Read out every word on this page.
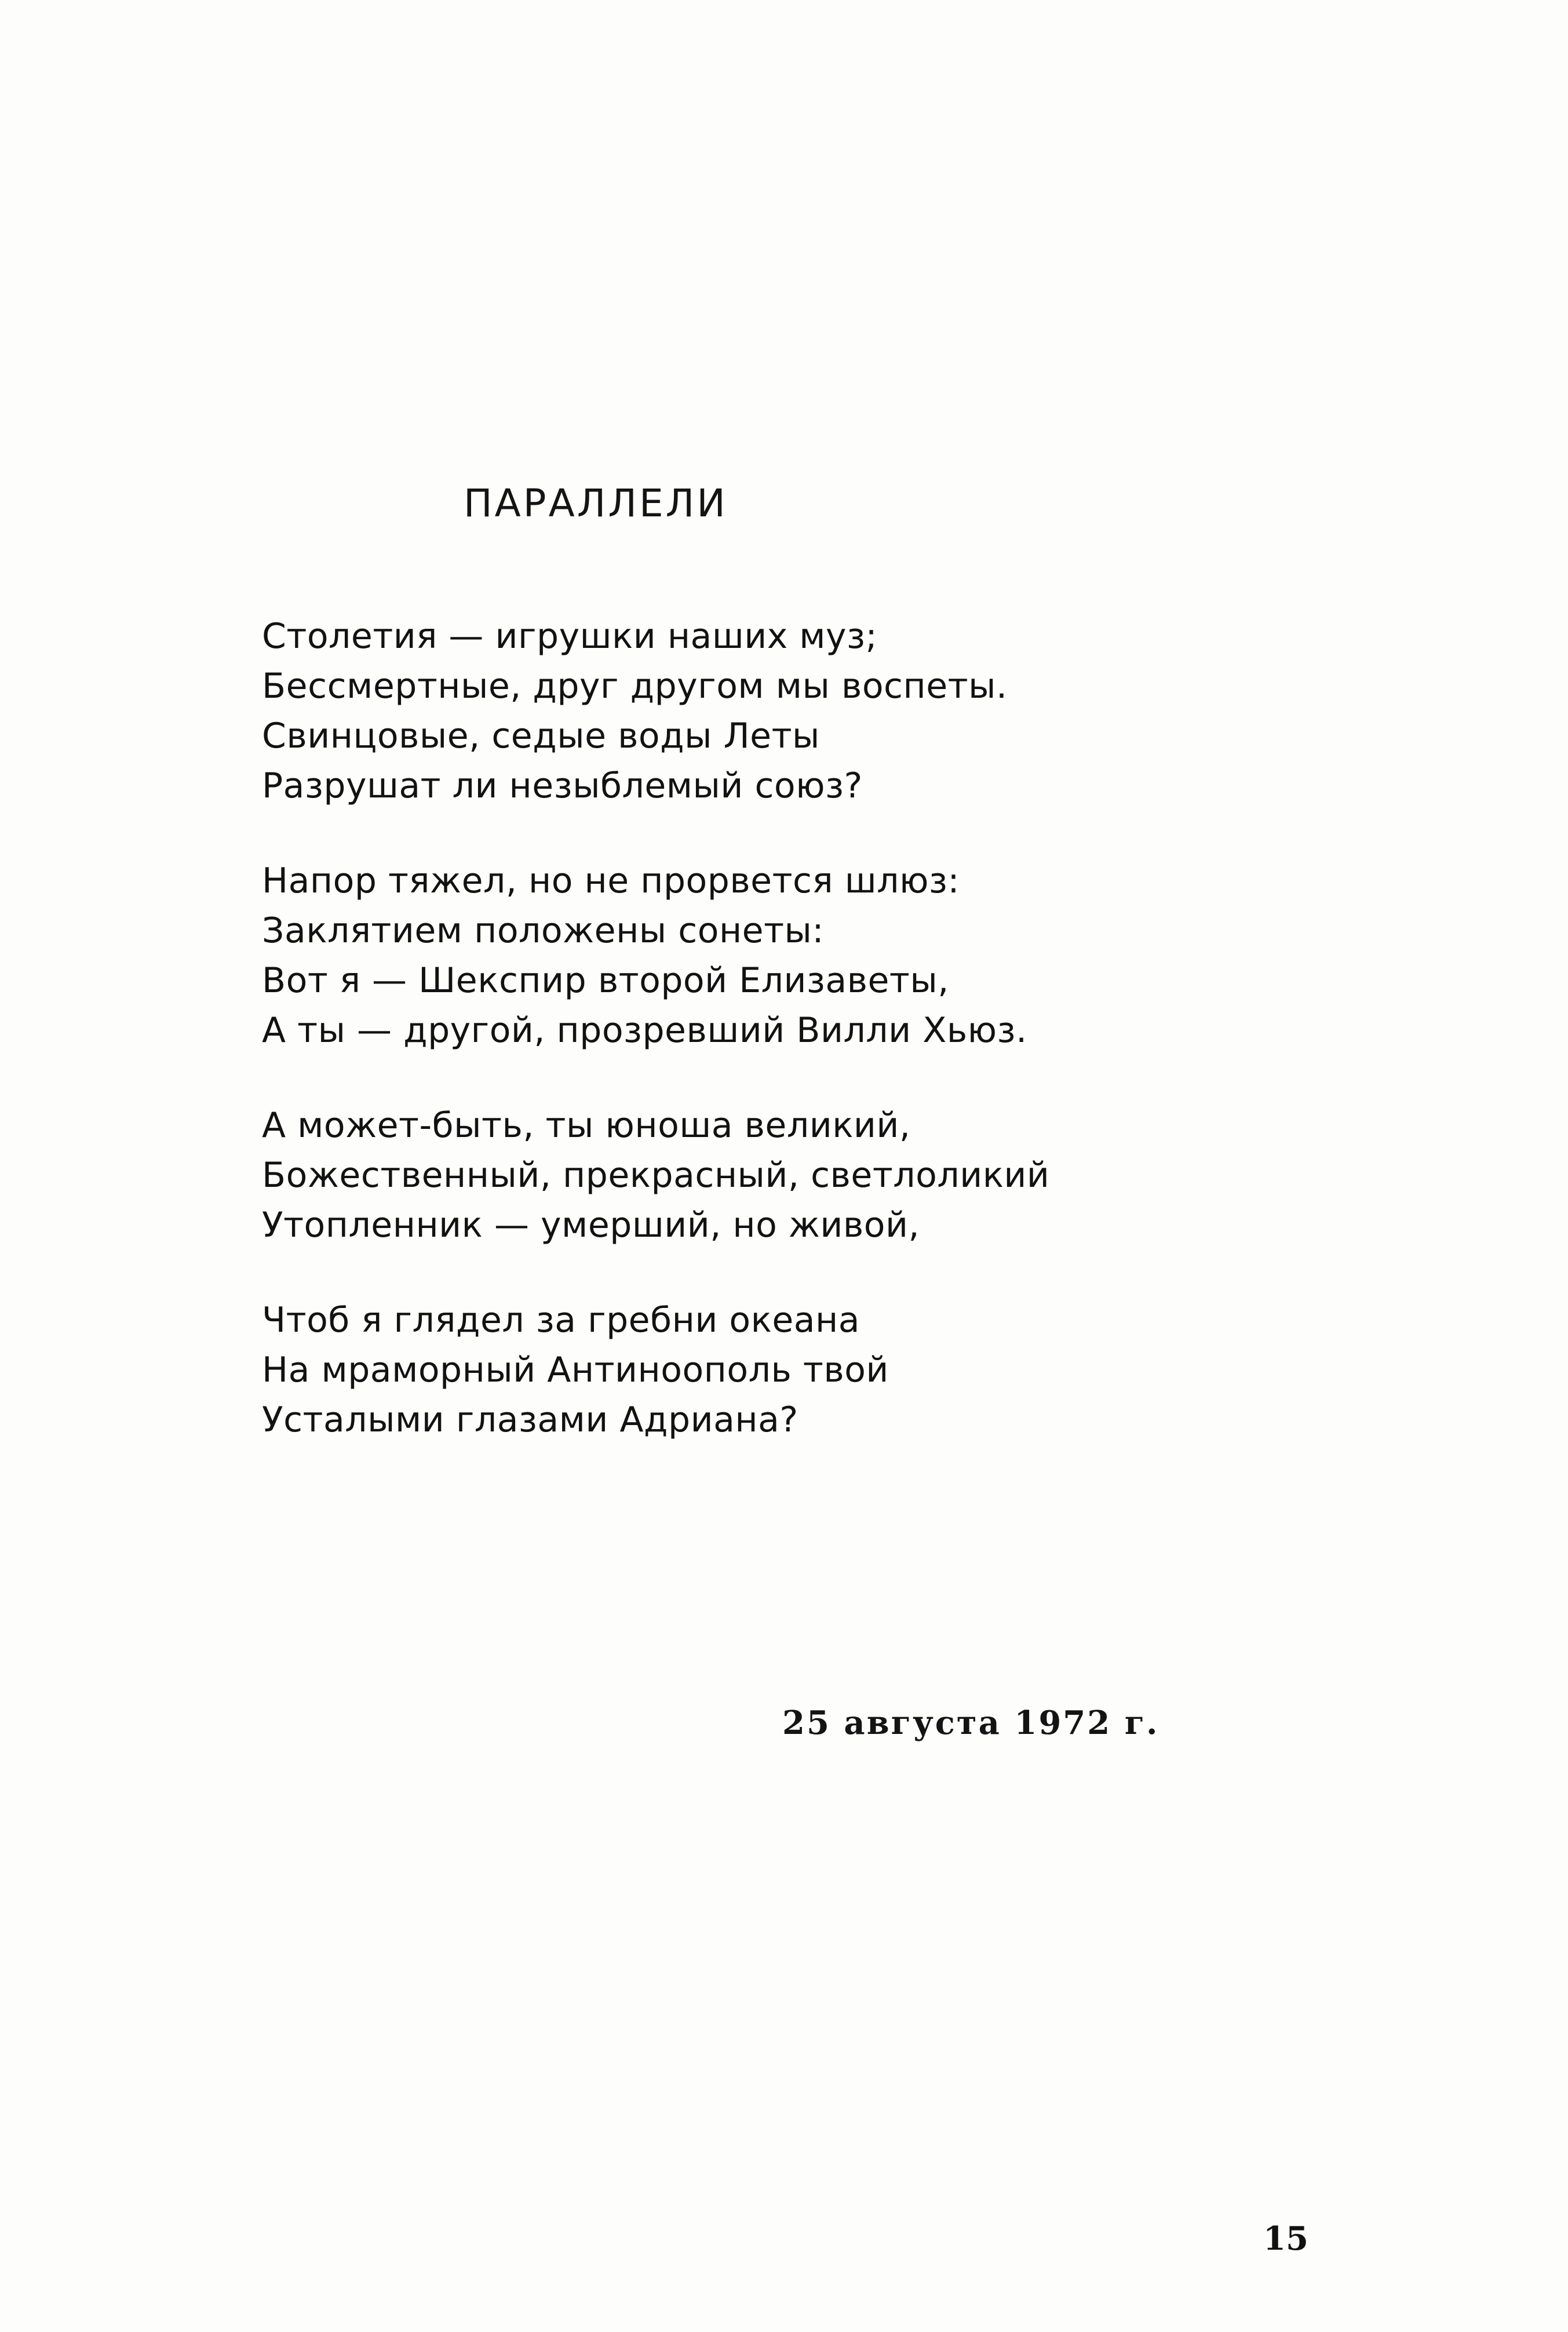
ПАРАЛЛЕЛИ
Столетия — игрушки наших муз;
Бессмертные, друг другом мы воспеты.
Свинцовые, седые воды Леты
Разрушат ли незыблемый союз?
Напор тяжел, но не прорвется шлюз:
Заклятием положены сонеты:
Вот я — Шекспир второй Елизаветы,
А ты — другой, прозревший Вилли Хьюз.
А может-быть, ты юноша великий,
Божественный, прекрасный, светлоликий
Утопленник — умерший, но живой,
Чтоб я глядел за гребни океана
На мраморный Антиноополь твой
Усталыми глазами Адриана?
25 августа 1972 г.
15
